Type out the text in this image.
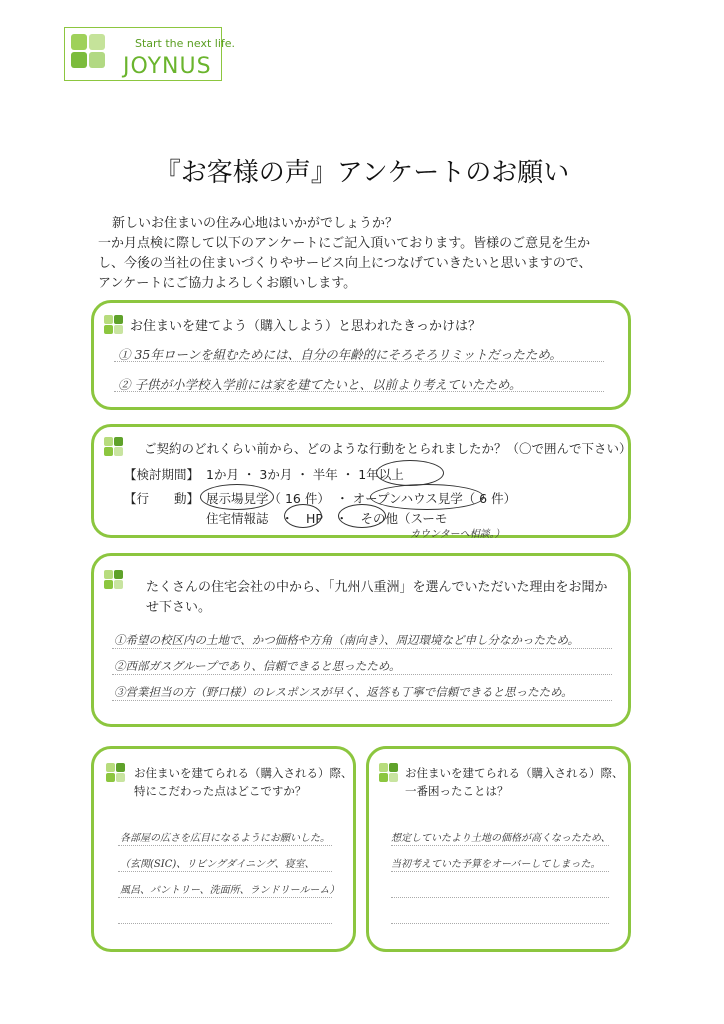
Start the next life.
JOYNUS
『お客様の声』アンケートのお願い
新しいお住まいの住み心地はいかがでしょうか？
一か月点検に際して以下のアンケートにご記入頂いております。皆様のご意見を生か
し、今後の当社の住まいづくりやサービス向上につなげていきたいと思いますので、
アンケートにご協力よろしくお願いします。
お住まいを建てよう（購入しよう）と思われたきっかけは？
① 35年ローンを組むためには、自分の年齢的にそろそろリミットだったため。
② 子供が小学校入学前には家を建てたいと、以前より考えていたため。
ご契約のどれくらい前から、どのような行動をとられましたか？（〇で囲んで下さい）
【検討期間】 1か月 ・ 3か月 ・ 半年 ・ 1年以上
【行　　動】 展示場見学（ 16 件）　・ オープンハウス見学（ 6 件）
住宅情報誌　・　HP　・　その他（スーモ
カウンターへ相談。）
たくさんの住宅会社の中から、「九州八重洲」を選んでいただいた理由をお聞か
せ下さい。
①希望の校区内の土地で、かつ価格や方角（南向き）、周辺環境など申し分なかったため。
②西部ガスグループであり、信頼できると思ったため。
③営業担当の方（野口様）のレスポンスが早く、返答も丁寧で信頼できると思ったため。
お住まいを建てられる（購入される）際、
特にこだわった点はどこですか？
各部屋の広さを広目になるようにお願いした。
（玄関(SIC)、リビングダイニング、寝室、
風呂、パントリー、洗面所、ランドリールーム）
お住まいを建てられる（購入される）際、
一番困ったことは？
想定していたより土地の価格が高くなったため、
当初考えていた予算をオーバーしてしまった。
